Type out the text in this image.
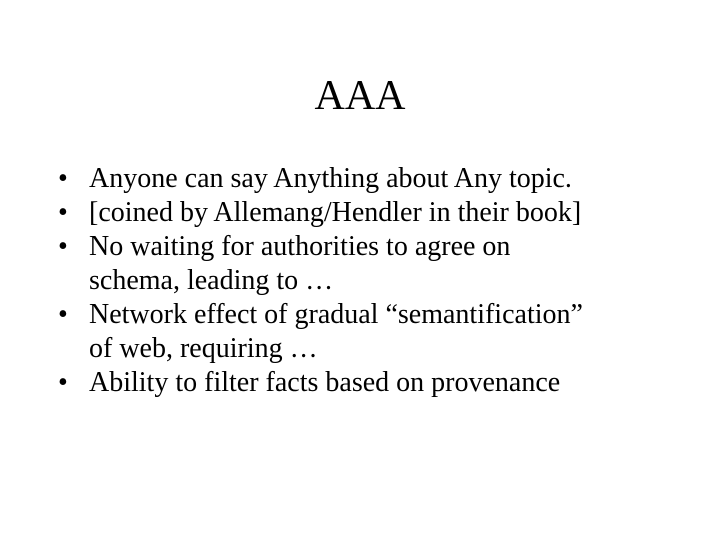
AAA
• Anyone can say Anything about Any topic.
• [coined by Allemang/Hendler in their book]
• No waiting for authorities to agree on
schema, leading to …
• Network effect of gradual “semantification”
of web, requiring …
• Ability to filter facts based on provenance
